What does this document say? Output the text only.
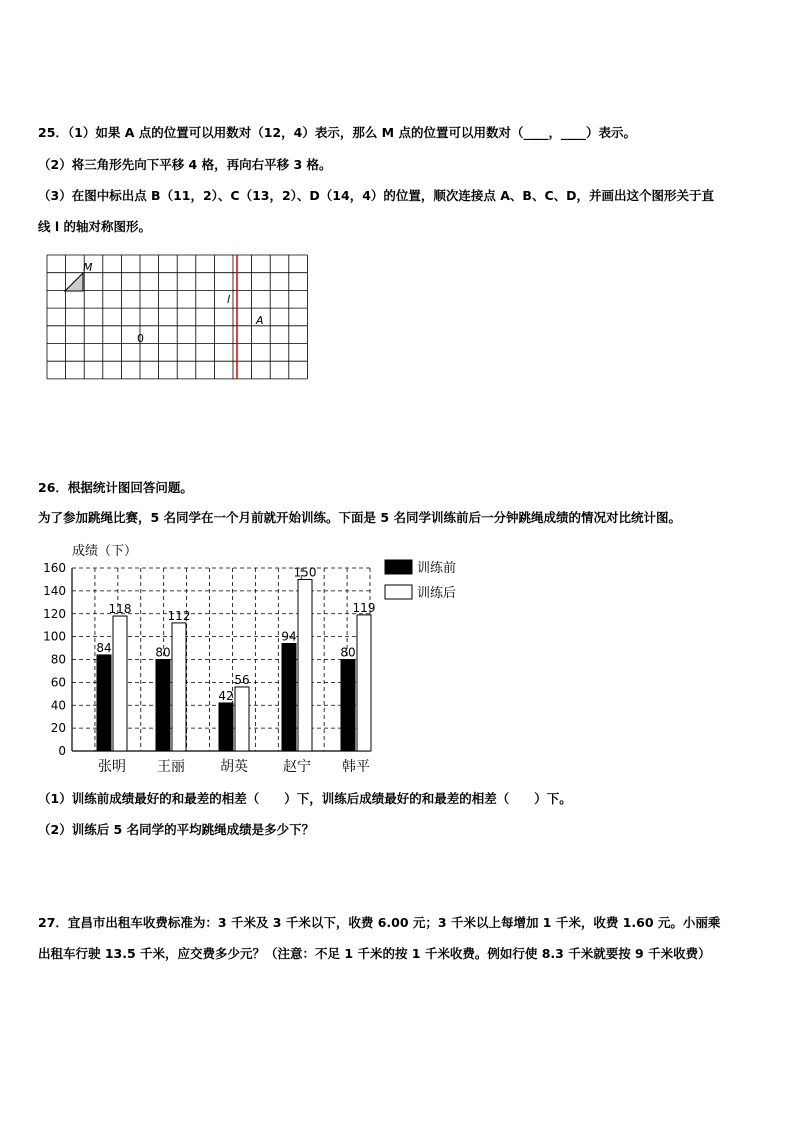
25．（1）如果 A 点的位置可以用数对（12，4）表示，那么 M 点的位置可以用数对（____，____）表示。
（2）将三角形先向下平移 4 格，再向右平移 3 格。
（3）在图中标出点 B（11，2）、C（13，2）、D（14，4）的位置，顺次连接点 A、B、C、D，并画出这个图形关于直
线 l 的轴对称图形。
M
l
A
0
26．根据统计图回答问题。
为了参加跳绳比赛，5 名同学在一个月前就开始训练。下面是 5 名同学训练前后一分钟跳绳成绩的情况对比统计图。
成绩（下）
0
20
40
60
80
100
120
140
160
张明 王丽	胡英	赵宁 韩平
84
118
80
112
42
56
94
150
80
119
训练前
训练后
（1）训练前成绩最好的和最差的相差（　　）下，训练后成绩最好的和最差的相差（　　）下。
（2）训练后 5 名同学的平均跳绳成绩是多少下？
27．宜昌市出租车收费标准为：3 千米及 3 千米以下，收费 6.00 元；3 千米以上每增加 1 千米，收费 1.60 元。小丽乘
出租车行驶 13.5 千米，应交费多少元？（注意：不足 1 千米的按 1 千米收费。例如行使 8.3 千米就要按 9 千米收费）
